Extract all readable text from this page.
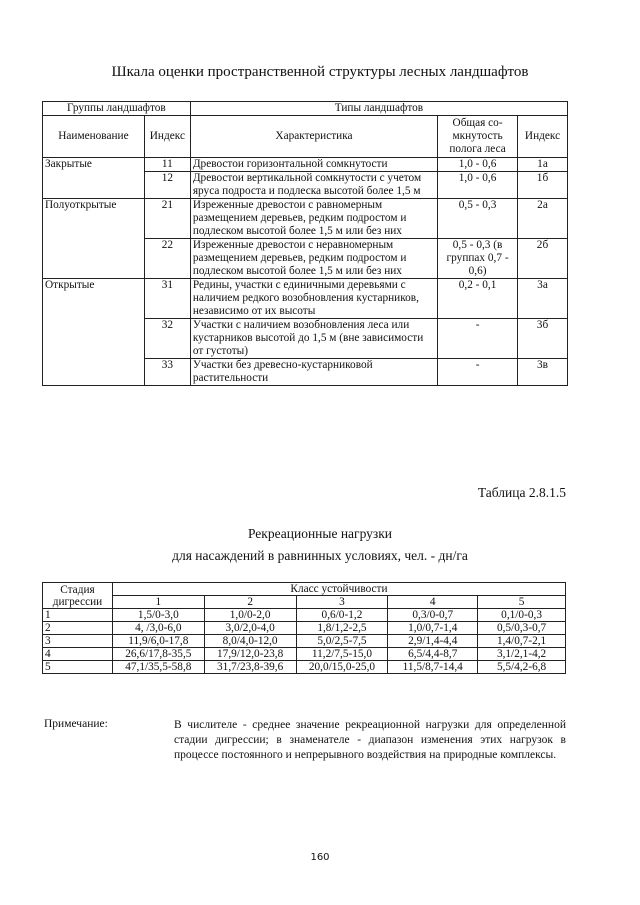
Шкала оценки пространственной структуры лесных ландшафтов
Группы ландшафтов		Типы ландшафтов		
Наименование	Индекс	Характеристика	Общая со-мкнутость полога леса	Индекс
Закрытые	11	Древостои горизонтальной сомкнутости	1,0 - 0,6	1а
	12	Древостои вертикальной сомкнутости с учетом яруса подроста и подлеска высотой более 1,5 м	1,0 - 0,6	1б
Полуоткрытые	21	Изреженные древостои с равномерным размещением деревьев, редким подростом и подлеском высотой более 1,5 м или без них	0,5 - 0,3	2а
	22	Изреженные древостои с неравномерным размещением деревьев, редким подростом и подлеском высотой более 1,5 м или без них	0,5 - 0,3 (в группах 0,7 - 0,6)	2б
Открытые	31	Редины, участки с единичными деревьями с наличием редкого возобновления кустарников, независимо от их высоты	0,2 - 0,1	3а
	32	Участки с наличием возобновления леса или кустарников высотой до 1,5 м (вне зависимости от густоты)	-	3б
	33	Участки без древесно-кустарниковой растительности	-	3в
Таблица 2.8.1.5
Рекреационные нагрузки
для насаждений в равнинных условиях, чел. - дн/га
Стадия дигрессии	Класс устойчивости				
	1	2	3	4	5
1	1,5/0-3,0	1,0/0-2,0	0,6/0-1,2	0,3/0-0,7	0,1/0-0,3
2	4, /3,0-6,0	3,0/2,0-4,0	1,8/1,2-2,5	1,0/0,7-1,4	0,5/0,3-0,7
3	11,9/6,0-17,8	8,0/4,0-12,0	5,0/2,5-7,5	2,9/1,4-4,4	1,4/0,7-2,1
4	26,6/17,8-35,5	17,9/12,0-23,8	11,2/7,5-15,0	6,5/4,4-8,7	3,1/2,1-4,2
5	47,1/35,5-58,8	31,7/23,8-39,6	20,0/15,0-25,0	11,5/8,7-14,4	5,5/4,2-6,8
Примечание:	В числителе - среднее значение рекреационной нагрузки для определенной стадии дигрессии; в знаменателе - диапазон изменения этих нагрузок в процессе постоянного и непрерывного воздействия на природные комплексы.
160
